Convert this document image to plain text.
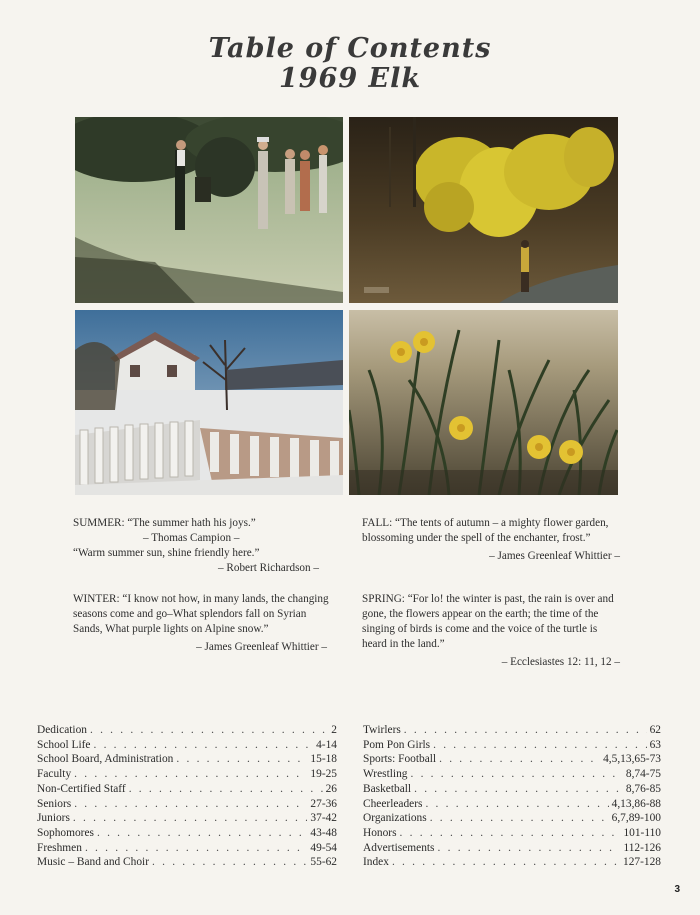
Table of Contents
1969 Elk

SUMMER: “The summer hath his joys.”

– Thomas Campion –

“Warm summer sun, shine friendly here.”

– Robert Richardson –

FALL: “The tents of autumn – a mighty flower garden, blossoming under the spell of the enchanter, frost.”

– James Greenleaf Whittier –

WINTER: “I know not how, in many lands, the changing seasons come and go–What splendors fall on Syrian Sands, What purple lights on Alpine snow.”

– James Greenleaf Whittier –

SPRING: “For lo! the winter is past, the rain is over and gone, the flowers appear on the earth; the time of the singing of birds is come and the voice of the turtle is heard in the land.”

– Ecclesiastes 12: 11, 12 –

Dedication . . .	2
School Life . . .	4-14
School Board, Administration . . .	15-18
Faculty . . .	19-25
Non-Certified Staff . . .	26
Seniors . . .	27-36
Juniors . . .	37-42
Sophomores . . .	43-48
Freshmen . . .	49-54
Music – Band and Choir . . .	55-62
Twirlers . . .	62
Pom Pon Girls . . .	63
Sports: Football . . .	4,5,13,65-73
Wrestling . . .	8,74-75
Basketball . . .	8,76-85
Cheerleaders . . .	4,13,86-88
Organizations . . .	6,7,89-100
Honors . . .	101-110
Advertisements . . .	112-126
Index . . .	127-128
3
